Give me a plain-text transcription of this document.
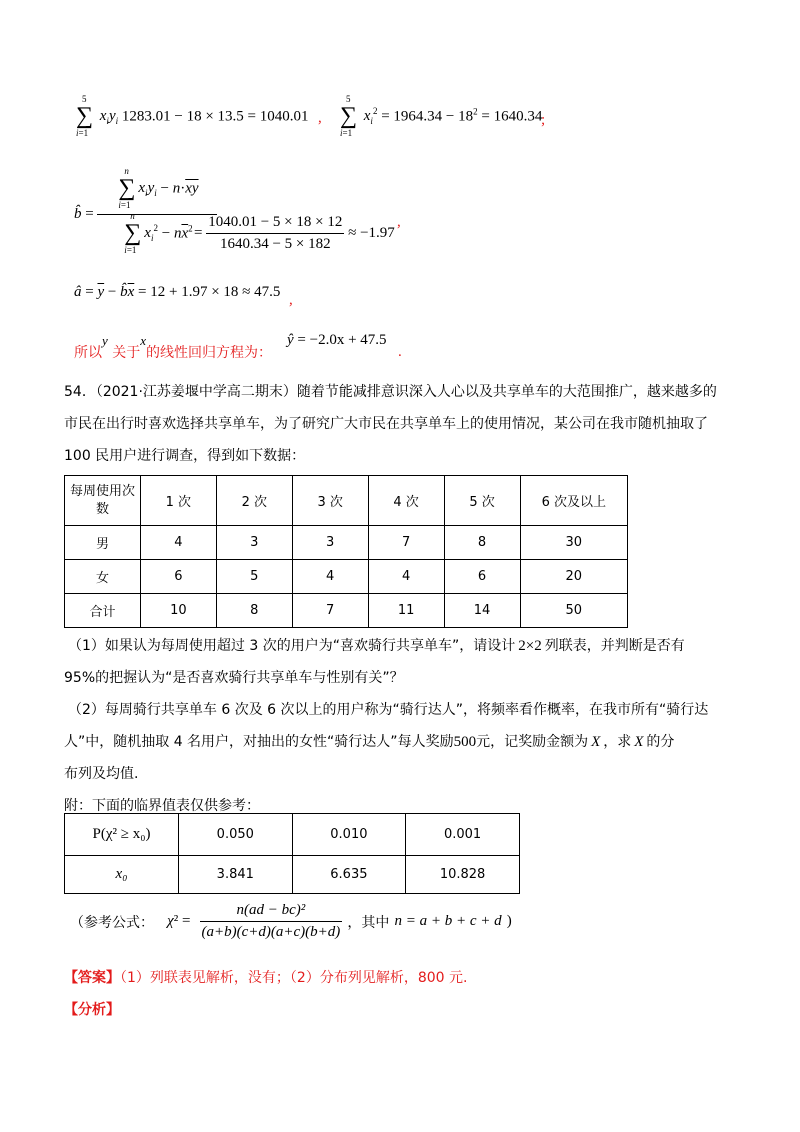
5
∑
i=1
$x_iy_i$ 1283.01 − 18 × 13.5 = 1040.01 ,
5
∑
i=1
$x_i^2 = 1964.34 - 18^2 = 1640.34$
;
b̂ = n
∑
i=1
$x_iy_i - n\cdot\overline{xy}$
n
∑
i=1
$x_i^2 - n\overline{x}^2$
= $\frac{1040.01 - 5 \times 18 \times 12}{1640.34 - 5 \times 182} \approx -1.97$
,
â = $\overline{y}$ − $b̂\overline{x} = 12 + 1.97 \times 18 \approx 47.5$ ,
所以y 关于x的线性回归方程为：
ŷ = −2.0x + 47.5
.
54．（2021·江苏姜堰中学高二期末）随着节能减排意识深入人心以及共享单车的大范围推广，越来越多的
市民在出行时喜欢选择共享单车，为了研究广大市民在共享单车上的使用情况，某公司在我市随机抽取了
100 民用户进行调查，得到如下数据：
每周使用次数	1 次	2 次	3 次	4 次	5 次	6 次及以上
男	4	3	3	7	8	30
女	6	5	4	4	6	20
合计	10	8	7	11	14	50
（1）如果认为每周使用超过 3 次的用户为“喜欢骑行共享单车”，请设计 2×2 列联表，并判断是否有
95%的把握认为“是否喜欢骑行共享单车与性别有关”？
（2）每周骑行共享单车 6 次及 6 次以上的用户称为“骑行达人”，将频率看作概率，在我市所有“骑行达
人”中，随机抽取 4 名用户，对抽出的女性“骑行达人”每人奖励500元，记奖励金额为 X ，求 X 的分
布列及均值.
附：下面的临界值表仅供参考：
P(χ² ≥ x₀)	0.050	0.010	0.001
x₀	3.841	6.635	10.828
（参考公式： $\chi^2 = \frac{\text{n(ad − bc)²}}{(a+b)(c+d)(a+c)(b+d)}$ ，其中 n = a + b + c + d )
【答案】（1）列联表见解析，没有；（2）分布列见解析，800 元.
【分析】
